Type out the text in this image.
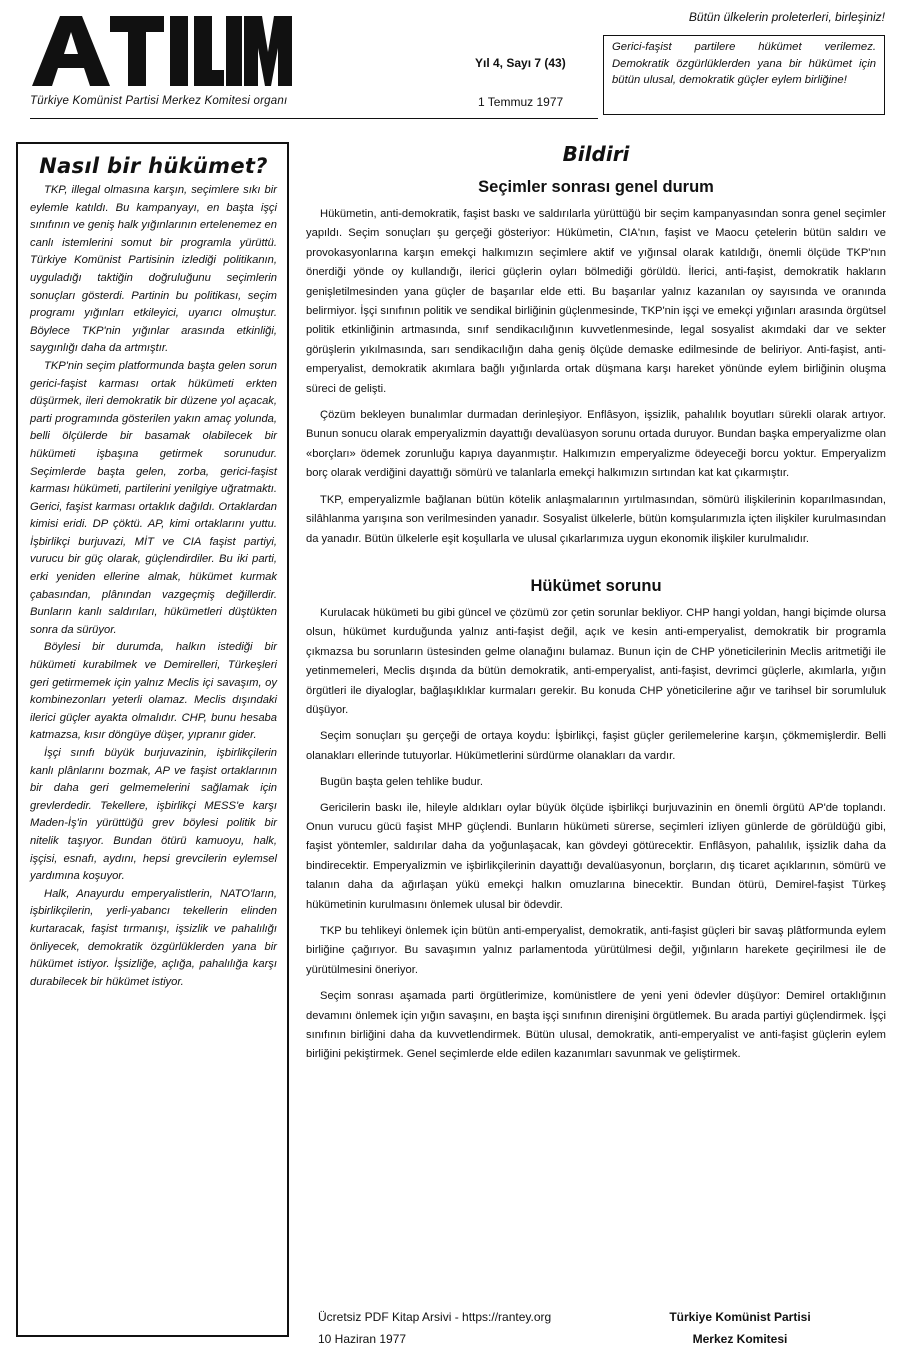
Türkiye Komünist Partisi Merkez Komitesi organı
Yıl 4, Sayı 7 (43)
1 Temmuz 1977
Bütün ülkelerin proleterleri, birleşiniz!
Gerici-faşist partilere hükümet verilemez. Demokratik özgürlüklerden yana bir hükümet için bütün ulusal, demokratik güçler eylem birliğine!
Nasıl bir hükümet?

TKP, illegal olmasına karşın, seçimlere sıkı bir eylemle katıldı. Bu kampanyayı, en başta işçi sınıfının ve geniş halk yığınlarının ertelenemez en canlı istemlerini somut bir programla yürüttü. Türkiye Komünist Partisinin izlediği politikanın, uyguladığı taktiğin doğruluğunu seçimlerin sonuçları gösterdi. Partinin bu politikası, seçim programı yığınları etkileyici, uyarıcı olmuştur. Böylece TKP'nin yığınlar arasında etkinliği, saygınlığı daha da artmıştır.

TKP'nin seçim platformunda başta gelen sorun gerici-faşist karması ortak hükümeti erkten düşürmek, ileri demokratik bir düzene yol açacak, parti programında gösterilen yakın amaç yolunda, belli ölçülerde bir basamak olabilecek bir hükümeti işbaşına getirmek sorunudur. Seçimlerde başta gelen, zorba, gerici-faşist karması hükümeti, partilerini yenilgiye uğratmaktı. Gerici, faşist karması ortaklık dağıldı. Ortaklardan kimisi eridi. DP çöktü. AP, kimi ortaklarını yuttu. İşbirlikçi burjuvazi, MİT ve CIA faşist partiyi, vurucu bir güç olarak, güçlendirdiler. Bu iki parti, erki yeniden ellerine almak, hükümet kurmak çabasından, plânından vazgeçmiş değillerdir. Bunların kanlı saldırıları, hükümetleri düştükten sonra da sürüyor.

Böylesi bir durumda, halkın istediği bir hükümeti kurabilmek ve Demirelleri, Türkeşleri geri getirmemek için yalnız Meclis içi savaşım, oy kombinezonları yeterli olamaz. Meclis dışındaki ilerici güçler ayakta olmalıdır. CHP, bunu hesaba katmazsa, kısır döngüye düşer, yıpranır gider.

İşçi sınıfı büyük burjuvazinin, işbirlikçilerin kanlı plânlarını bozmak, AP ve faşist ortaklarının bir daha geri gelmemelerini sağlamak için grevlerdedir. Tekellere, işbirlikçi MESS'e karşı Maden-İş'in yürüttüğü grev böylesi politik bir nitelik taşıyor. Bundan ötürü kamuoyu, halk, işçisi, esnafı, aydını, hepsi grevcilerin eylemsel yardımına koşuyor.

Halk, Anayurdu emperyalistlerin, NATO'ların, işbirlikçilerin, yerli-yabancı tekellerin elinden kurtaracak, faşist tırmanışı, işsizlik ve pahalılığı önliyecek, demokratik özgürlüklerden yana bir hükümet istiyor. İşsizliğe, açlığa, pahalılığa karşı durabilecek bir hükümet istiyor.

Bildiri
Seçimler sonrası genel durum

Hükümetin, anti-demokratik, faşist baskı ve saldırılarla yürüttüğü bir seçim kampanyasından sonra genel seçimler yapıldı. Seçim sonuçları şu gerçeği gösteriyor: Hükümetin, CIA'nın, faşist ve Maocu çetelerin bütün saldırı ve provokasyonlarına karşın emekçi halkımızın seçimlere aktif ve yığınsal olarak katıldığı, önemli ölçüde TKP'nın önerdiği yönde oy kullandığı, ilerici güçlerin oyları bölmediği görüldü. İlerici, anti-faşist, demokratik hakların genişletilmesinden yana güçler de başarılar elde etti. Bu başarılar yalnız kazanılan oy sayısında ve oranında belirmiyor. İşçi sınıfının politik ve sendikal birliğinin güçlenmesinde, TKP'nin işçi ve emekçi yığınları arasında örgütsel politik etkinliğinin artmasında, sınıf sendikacılığının kuvvetlenmesinde, legal sosyalist akımdaki dar ve sekter görüşlerin yıkılmasında, sarı sendikacılığın daha geniş ölçüde demaske edilmesinde de beliriyor. Anti-faşist, anti-emperyalist, demokratik akımlara bağlı yığınlarda ortak düşmana karşı hareket yönünde eylem birliğinin oluşma süreci de gelişti.

Çözüm bekleyen bunalımlar durmadan derinleşiyor. Enflâsyon, işsizlik, pahalılık boyutları sürekli olarak artıyor. Bunun sonucu olarak emperyalizmin dayattığı devalüasyon sorunu ortada duruyor. Bundan başka emperyalizme olan «borçları» ödemek zorunluğu kapıya dayanmıştır. Halkımızın emperyalizme ödeyeceği borcu yoktur. Emperyalizm borç olarak verdiğini dayattığı sömürü ve talanlarla emekçi halkımızın sırtından kat kat çıkarmıştır.

TKP, emperyalizmle bağlanan bütün kötelik anlaşmalarının yırtılmasından, sömürü ilişkilerinin koparılmasından, silâhlanma yarışına son verilmesinden yanadır. Sosyalist ülkelerle, bütün komşularımızla içten ilişkiler kurulmasından da yanadır. Bütün ülkelerle eşit koşullarla ve ulusal çıkarlarımıza uygun ekonomik ilişkiler kurulmalıdır.

Hükümet sorunu

Kurulacak hükümeti bu gibi güncel ve çözümü zor çetin sorunlar bekliyor. CHP hangi yoldan, hangi biçimde olursa olsun, hükümet kurduğunda yalnız anti-faşist değil, açık ve kesin anti-emperyalist, demokratik bir programla çıkmazsa bu sorunların üstesinden gelme olanağını bulamaz. Bunun için de CHP yöneticilerinin Meclis aritmetiği ile yetinmemeleri, Meclis dışında da bütün demokratik, anti-emperyalist, anti-faşist, devrimci güçlerle, akımlarla, yığın örgütleri ile diyaloglar, bağlaşıklıklar kurmaları gerekir. Bu konuda CHP yöneticilerine ağır ve tarihsel bir sorumluluk düşüyor.

Seçim sonuçları şu gerçeği de ortaya koydu: İşbirlikçi, faşist güçler gerilemelerine karşın, çökmemişlerdir. Belli olanakları ellerinde tutuyorlar. Hükümetlerini sürdürme olanakları da vardır.

Bugün başta gelen tehlike budur.

Gericilerin baskı ile, hileyle aldıkları oylar büyük ölçüde işbirlikçi burjuvazinin en önemli örgütü AP'de toplandı. Onun vurucu gücü faşist MHP güçlendi. Bunların hükümeti sürerse, seçimleri izliyen günlerde de görüldüğü gibi, faşist yöntemler, saldırılar daha da yoğunlaşacak, kan gövdeyi götürecektir. Enflâsyon, pahalılık, işsizlik daha da bindirecektir. Emperyalizmin ve işbirlikçilerinin dayattığı devalüasyonun, borçların, dış ticaret açıklarının, sömürü ve talanın daha da ağırlaşan yükü emekçi halkın omuzlarına binecektir. Bundan ötürü, Demirel-faşist Türkeş hükümetinin kurulmasını önlemek ulusal bir ödevdir.

TKP bu tehlikeyi önlemek için bütün anti-emperyalist, demokratik, anti-faşist güçleri bir savaş plâtformunda eylem birliğine çağırıyor. Bu savaşımın yalnız parlamentoda yürütülmesi değil, yığınların harekete geçirilmesi ile de yürütülmesini öneriyor.

Seçim sonrası aşamada parti örgütlerimize, komünistlere de yeni yeni ödevler düşüyor: Demirel ortaklığının devamını önlemek için yığın savaşını, en başta işçi sınıfının direnişini örgütlemek. Bu arada partiyi güçlendirmek. İşçi sınıfının birliğini daha da kuvvetlendirmek. Bütün ulusal, demokratik, anti-emperyalist ve anti-faşist güçlerin eylem birliğini pekiştirmek. Genel seçimlerde elde edilen kazanımları savunmak ve geliştirmek.

Ücretsiz PDF Kitap Arsivi - https://rantey.org
10 Haziran 1977
Türkiye Komünist Partisi
Merkez Komitesi
